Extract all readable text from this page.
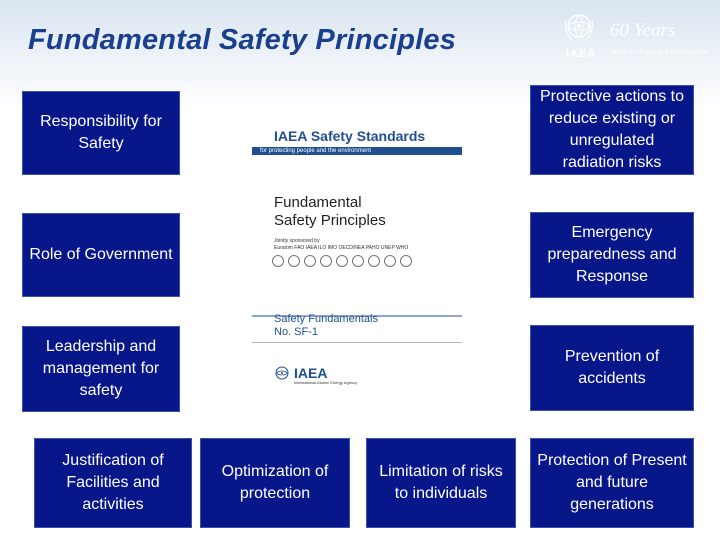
Fundamental Safety Principles	IAEA
60 Years
Atoms for Peace and Development
Responsibility for Safety
Role of Government
Leadership and management for safety
Justification of Facilities and activities
Optimization of protection
Limitation of risks to individuals
Protective actions to reduce existing or unregulated radiation risks
Emergency preparedness and Response
Prevention of accidents
Protection of Present and future generations
IAEA Safety Standards
for protecting people and the environment
Fundamental
Safety Principles
Jointly sponsored by
Euratom FAO IAEA ILO IMO OECD/NEA PAHO UNEP WHO
Safety Fundamentals
No. SF-1
IAEA
International Atomic Energy Agency
